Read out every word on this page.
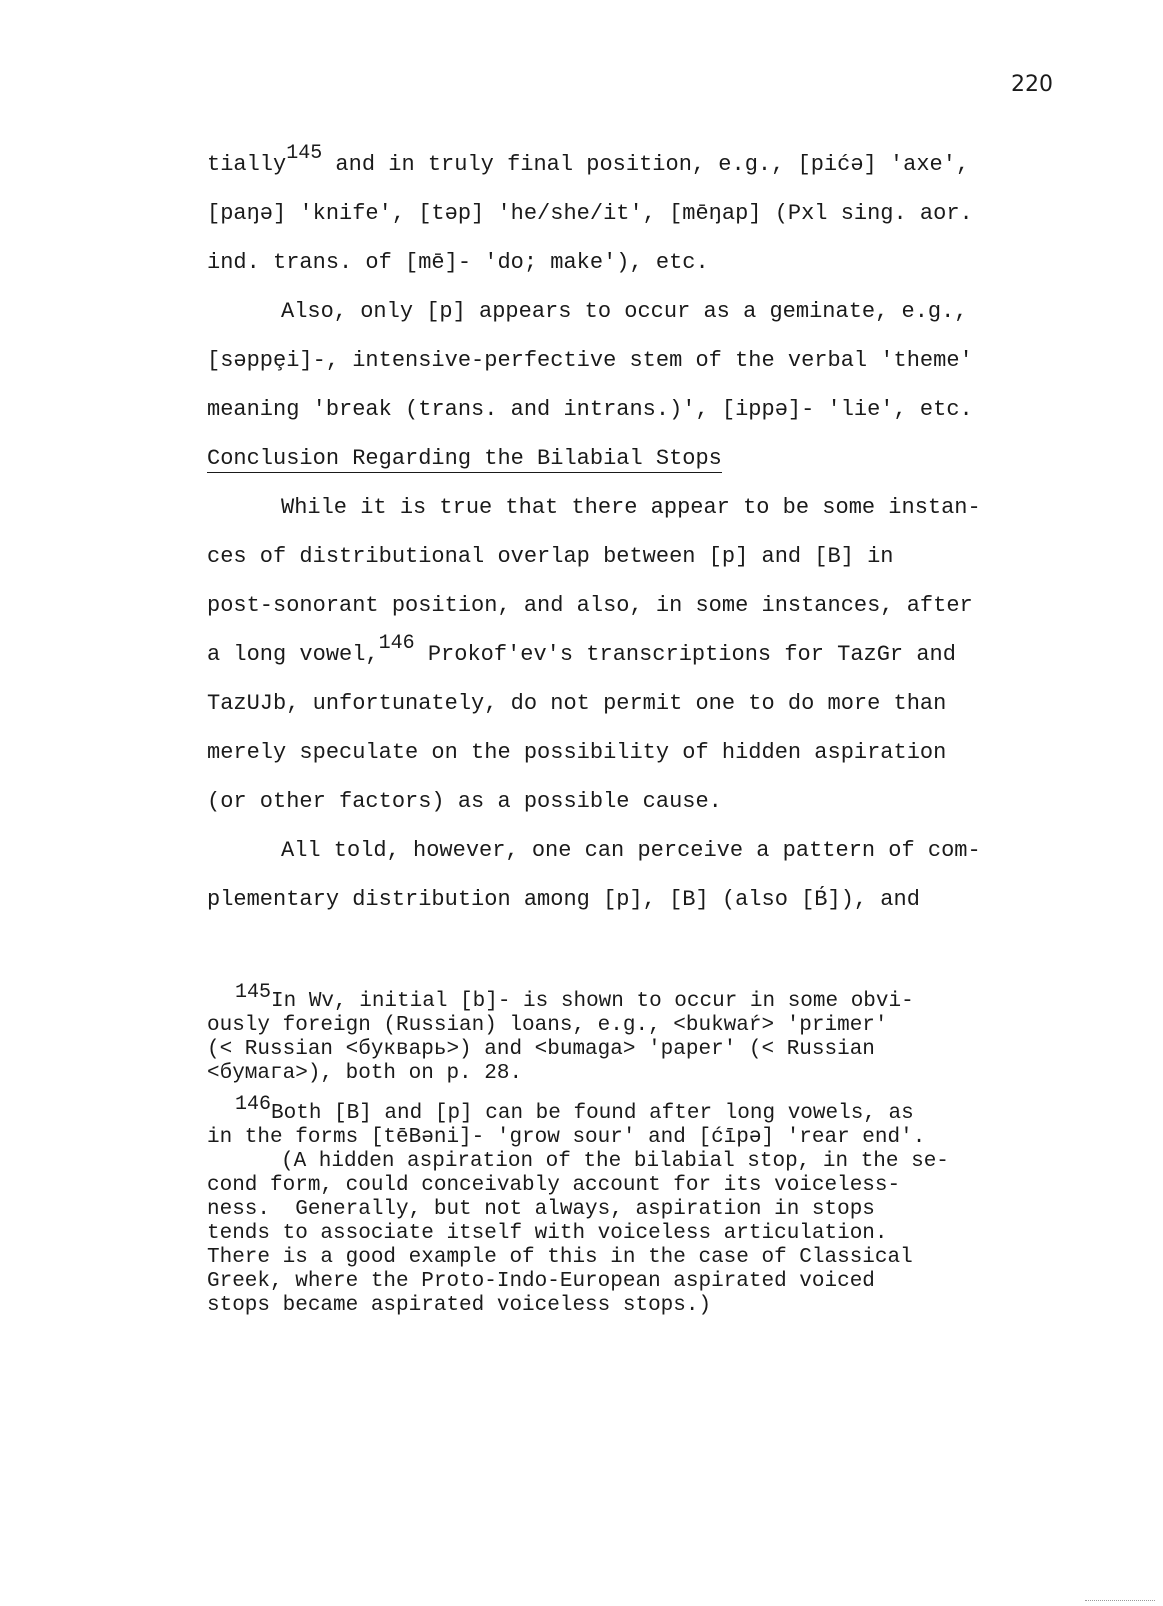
220
tially$^{145}$ and in truly final position, e.g., [pićə] 'axe',
[paŋə] 'knife', [təp] 'he/she/it', [mēŋap] (Pxl sing. aor.
ind. trans. of [mē]- 'do; make'), etc.
Also, only [p] appears to occur as a geminate, e.g.,
[səppȩi]-, intensive-perfective stem of the verbal 'theme'
meaning 'break (trans. and intrans.)', [ippə]- 'lie', etc.
Conclusion Regarding the Bilabial Stops
While it is true that there appear to be some instan-
ces of distributional overlap between [p] and [B] in
post-sonorant position, and also, in some instances, after
a long vowel,$^{146}$ Prokof'ev's transcriptions for TazGr and
TazUJb, unfortunately, do not permit one to do more than
merely speculate on the possibility of hidden aspiration
(or other factors) as a possible cause.
All told, however, one can perceive a pattern of com-
plementary distribution among [p], [B] (also [B́]), and
145In Wv, initial [b]- is shown to occur in some obvi-
ously foreign (Russian) loans, e.g., <bukwaŕ> 'primer'
(< Russian <букварь>) and <bumaga> 'paper' (< Russian
<бумага>), both on p. 28.
146Both [B] and [p] can be found after long vowels, as
in the forms [tēBəni]- 'grow sour' and [ćīpə] 'rear end'.
(A hidden aspiration of the bilabial stop, in the se-
cond form, could conceivably account for its voiceless-
ness.  Generally, but not always, aspiration in stops
tends to associate itself with voiceless articulation.
There is a good example of this in the case of Classical
Greek, where the Proto-Indo-European aspirated voiced
stops became aspirated voiceless stops.)
